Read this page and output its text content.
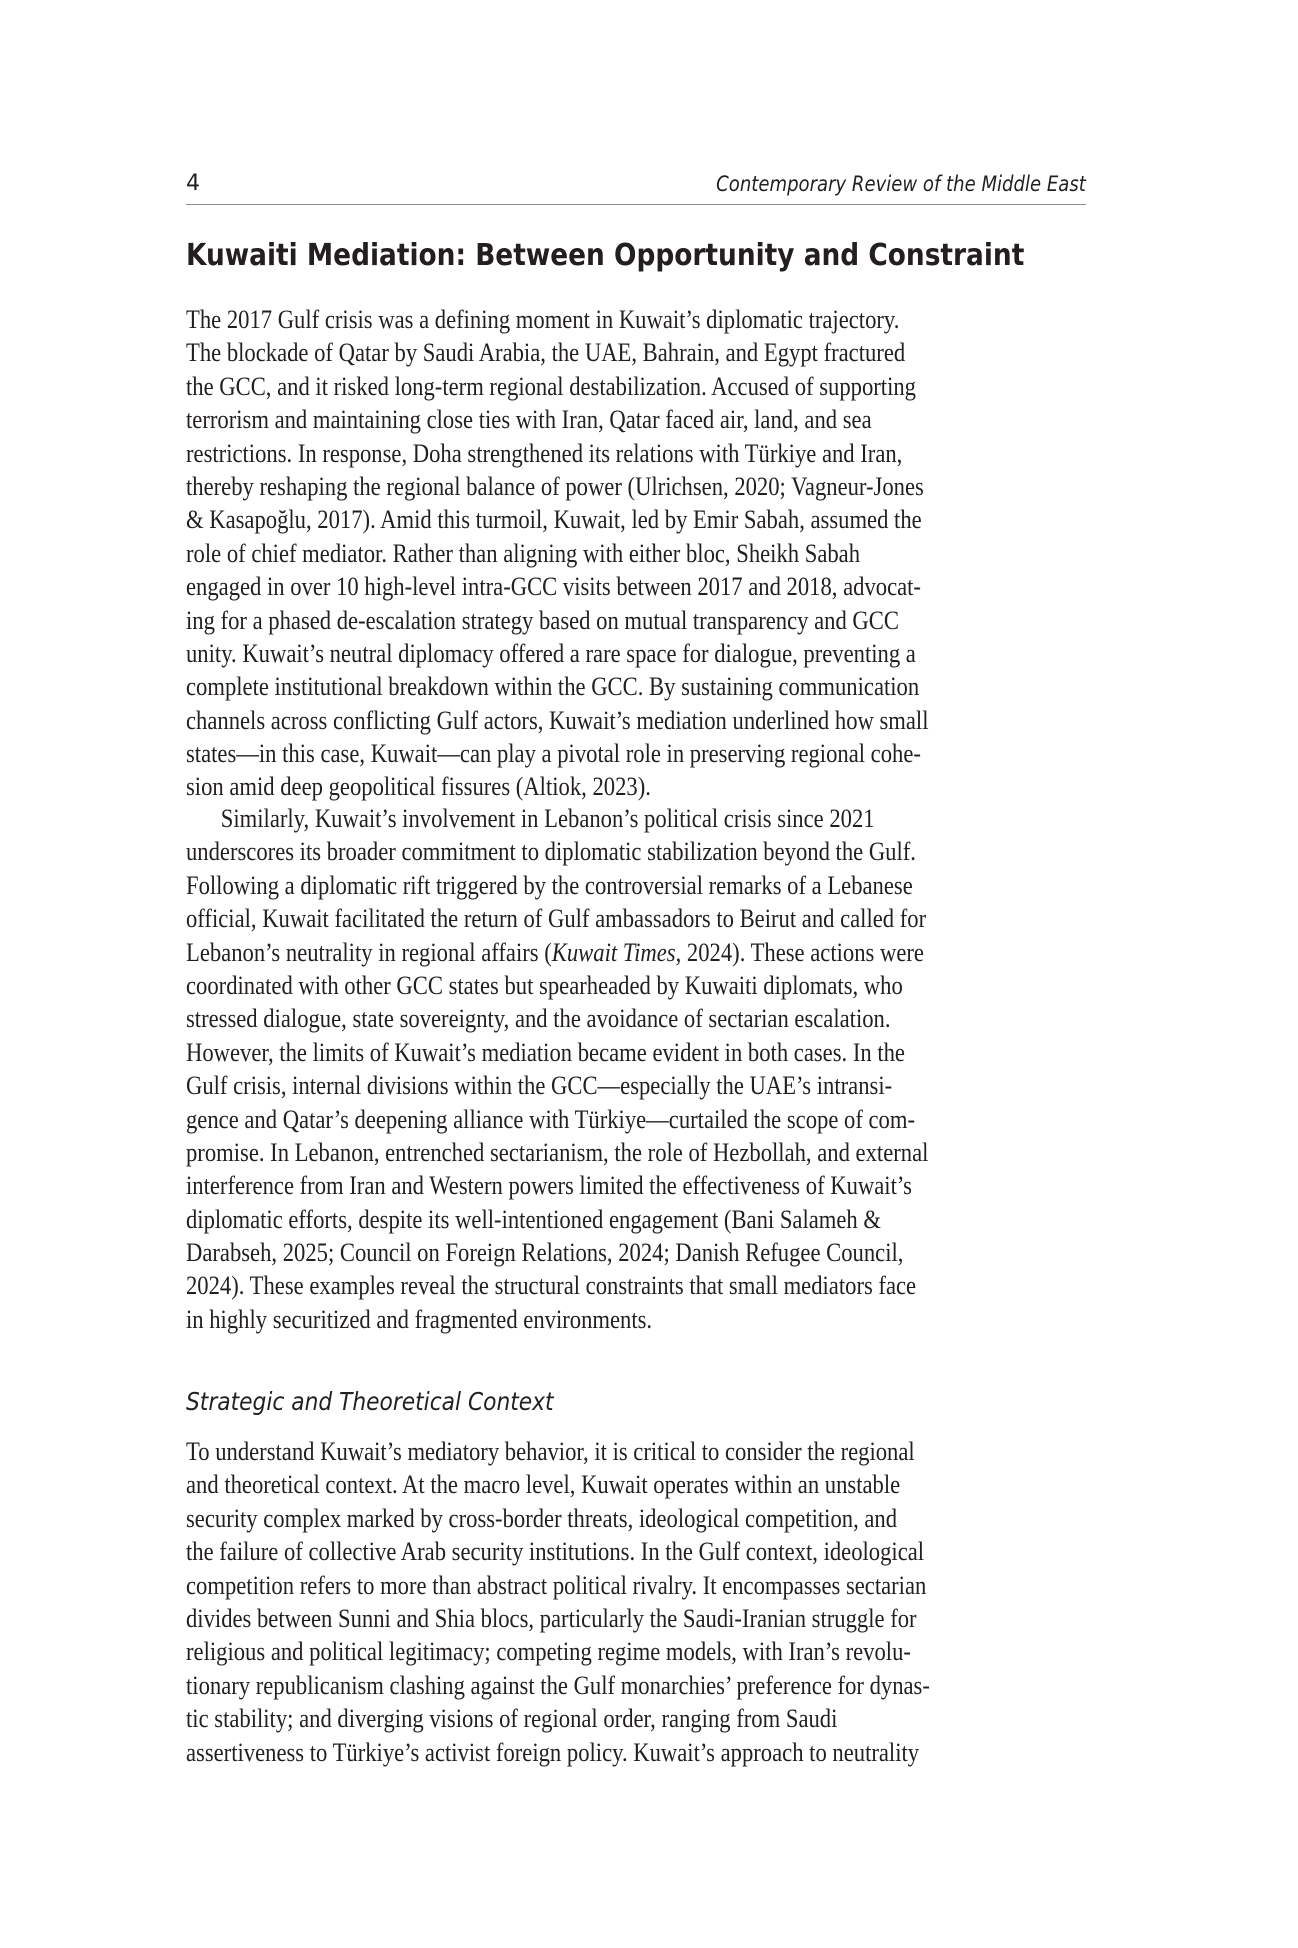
4	Contemporary Review of the Middle East
Kuwaiti Mediation: Between Opportunity and Constraint
The 2017 Gulf crisis was a defining moment in Kuwait’s diplomatic trajectory.
The blockade of Qatar by Saudi Arabia, the UAE, Bahrain, and Egypt fractured
the GCC, and it risked long-term regional destabilization. Accused of supporting
terrorism and maintaining close ties with Iran, Qatar faced air, land, and sea
restrictions. In response, Doha strengthened its relations with Türkiye and Iran,
thereby reshaping the regional balance of power (Ulrichsen, 2020; Vagneur-Jones
& Kasapoğlu, 2017). Amid this turmoil, Kuwait, led by Emir Sabah, assumed the
role of chief mediator. Rather than aligning with either bloc, Sheikh Sabah
engaged in over 10 high-level intra-GCC visits between 2017 and 2018, advocat-
ing for a phased de-escalation strategy based on mutual transparency and GCC
unity. Kuwait’s neutral diplomacy offered a rare space for dialogue, preventing a
complete institutional breakdown within the GCC. By sustaining communication
channels across conflicting Gulf actors, Kuwait’s mediation underlined how small
states—in this case, Kuwait—can play a pivotal role in preserving regional cohe-
sion amid deep geopolitical fissures (Altiok, 2023).
Similarly, Kuwait’s involvement in Lebanon’s political crisis since 2021
underscores its broader commitment to diplomatic stabilization beyond the Gulf.
Following a diplomatic rift triggered by the controversial remarks of a Lebanese
official, Kuwait facilitated the return of Gulf ambassadors to Beirut and called for
Lebanon’s neutrality in regional affairs (Kuwait Times, 2024). These actions were
coordinated with other GCC states but spearheaded by Kuwaiti diplomats, who
stressed dialogue, state sovereignty, and the avoidance of sectarian escalation.
However, the limits of Kuwait’s mediation became evident in both cases. In the
Gulf crisis, internal divisions within the GCC—especially the UAE’s intransi-
gence and Qatar’s deepening alliance with Türkiye—curtailed the scope of com-
promise. In Lebanon, entrenched sectarianism, the role of Hezbollah, and external
interference from Iran and Western powers limited the effectiveness of Kuwait’s
diplomatic efforts, despite its well-intentioned engagement (Bani Salameh &
Darabseh, 2025; Council on Foreign Relations, 2024; Danish Refugee Council,
2024). These examples reveal the structural constraints that small mediators face
in highly securitized and fragmented environments.
Strategic and Theoretical Context
To understand Kuwait’s mediatory behavior, it is critical to consider the regional
and theoretical context. At the macro level, Kuwait operates within an unstable
security complex marked by cross-border threats, ideological competition, and
the failure of collective Arab security institutions. In the Gulf context, ideological
competition refers to more than abstract political rivalry. It encompasses sectarian
divides between Sunni and Shia blocs, particularly the Saudi-Iranian struggle for
religious and political legitimacy; competing regime models, with Iran’s revolu-
tionary republicanism clashing against the Gulf monarchies’ preference for dynas-
tic stability; and diverging visions of regional order, ranging from Saudi
assertiveness to Türkiye’s activist foreign policy. Kuwait’s approach to neutrality
